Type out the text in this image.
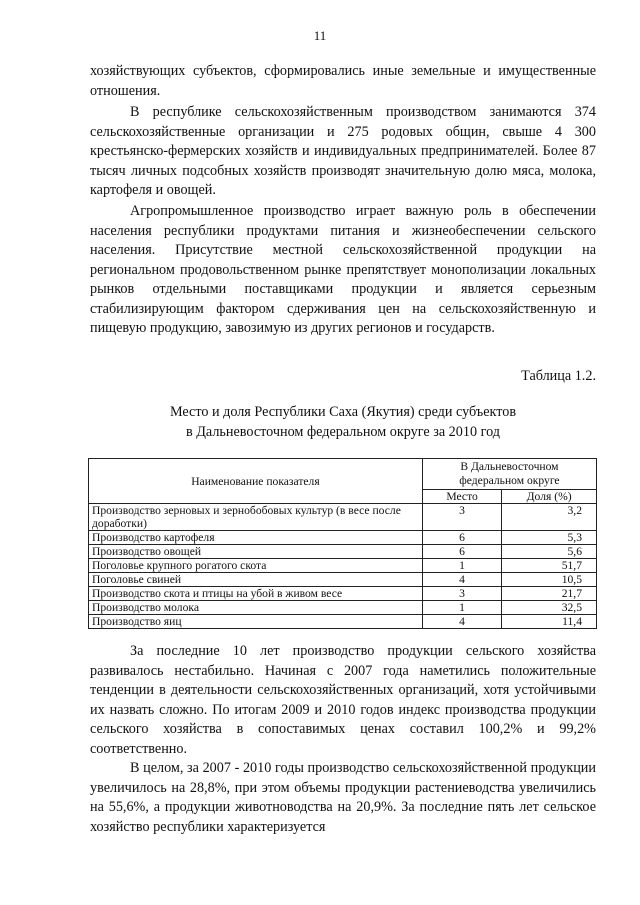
11
хозяйствующих субъектов, сформировались иные земельные и имущественные отношения.
В республике сельскохозяйственным производством занимаются 374 сельскохозяйственные организации и 275 родовых общин, свыше 4 300 крестьянско-фермерских хозяйств и индивидуальных предпринимателей. Более 87 тысяч личных подсобных хозяйств производят значительную долю мяса, молока, картофеля и овощей.
Агропромышленное производство играет важную роль в обеспечении населения республики продуктами питания и жизнеобеспечении сельского населения. Присутствие местной сельскохозяйственной продукции на региональном продовольственном рынке препятствует монополизации локальных рынков отдельными поставщиками продукции и является серьезным стабилизирующим фактором сдерживания цен на сельскохозяйственную и пищевую продукцию, завозимую из других регионов и государств.
Таблица 1.2.
Место и доля Республики Саха (Якутия) среди субъектов
в Дальневосточном федеральном округе за 2010 год
Наименование показателя	В Дальневосточном федеральном округе	
	Место	Доля (%)
Производство зерновых и зернобобовых культур (в весе после доработки)	3	3,2
Производство картофеля	6	5,3
Производство овощей	6	5,6
Поголовье крупного рогатого скота	1	51,7
Поголовье свиней	4	10,5
Производство скота и птицы на убой в живом весе	3	21,7
Производство молока	1	32,5
Производство яиц	4	11,4
За последние 10 лет производство продукции сельского хозяйства развивалось нестабильно. Начиная с 2007 года наметились положительные тенденции в деятельности сельскохозяйственных организаций, хотя устойчивыми их назвать сложно. По итогам 2009 и 2010 годов индекс производства продукции сельского хозяйства в сопоставимых ценах составил 100,2% и 99,2% соответственно.
В целом, за 2007 - 2010 годы производство сельскохозяйственной продукции увеличилось на 28,8%, при этом объемы продукции растениеводства увеличились на 55,6%, а продукции животноводства на 20,9%. За последние пять лет сельское хозяйство республики характеризуется
